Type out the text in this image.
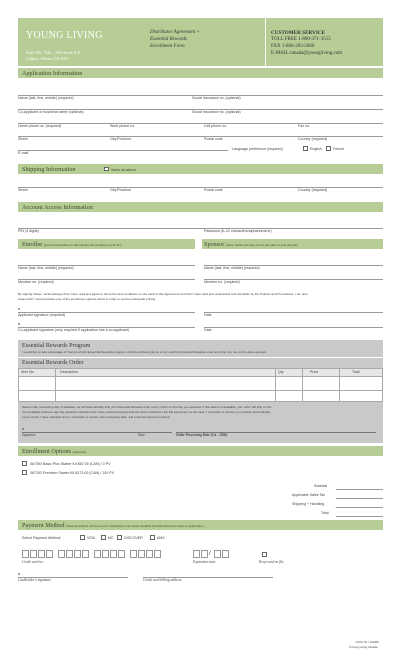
YOUNG LIVING
Suite 350, 7326 – 50th Street N.E.
Calgary, Alberta T3J 4W3
Distributor Agreement +
Essential Rewards
Enrollment Form
CUSTOMER SERVICE
TOLL FREE 1-800-371-3515
FAX 1-866-203-5666
E-MAIL canada@youngliving.com
Application Information
Name (last, first, middle) (required)	Social Insurance no. (optional)
Co-applicant or business name (optional)	Social Insurance no. (optional)
Home phone no. (required)	Work phone no.	Cell phone no.	Fax no.
Street	City/Province	Postal code	Country (required)
Language preference (required)	English	French
E-mail
Shipping Information	Same as above
Street	City/Province	Postal code	Country (required)
Account Access Information
PIN (4 digits)	Password (6–12 characters/alphanumeric)
Enroller (person responsible for introducing and enrolling you in YL)	Sponsor (direct upline and may also be the same as your enroller)
Name (last, first, middle) (required)	Name (last, first, middle) (required)
Member no. (required)	Member no. (required)
By signing below, I acknowledge that I have read and agree to the terms and conditions on the back of this Agreement and that I have read and understand and will abide by the Policies and Procedures. I am also
aware that I must purchase one of the enrollment options below in order to receive wholesale pricing.
x
Applicant signature (required)	Date
x
Co-applicant signature (only required if application has a co-applicant)	Date
Essential Rewards Program
I would like to take advantage of Young Living's Essential Rewards program. Add the following items to my monthly Essential Rewards order and ship it to me on the date selected.
Essential Rewards Order
Item No.	Description	Qty.	Price	Total
Select order processing day. If available, we will automatically ship your Essential Rewards order every month on this day you selected. If that date is unavailable, your order will ship on the
next available business day. My signature indicates that I have read and accepted all the terms included in the ER agreement on the back. I would like to receive my products automatically
every month. I have indicated items I would like to receive, the processing date, and preferred payment method.
x
Signature	Date	Order Processing Date (1st – 25th)
Enrollment Options (Optional)
067393 Basic Plus Starter Kit $67.00 (CAN) / 0 PV
067293 Premium Starter Kit $173.00 (CAN) / 100 PV
Subtotal
Applicable Sales Tax
Shipping + Handling
Total
Payment Method (Selected method will be used for enrollment order and/or monthly Essential Rewards orders as applicable.)
Select Payment Method:	VISA	MC	DISCOVER	AMX
/
Credit card no.	Expiration date	Keep card on file
x
Cardholder's signature	Credit card billing address
YLDA-TO / 101305
©Young Living Canada
